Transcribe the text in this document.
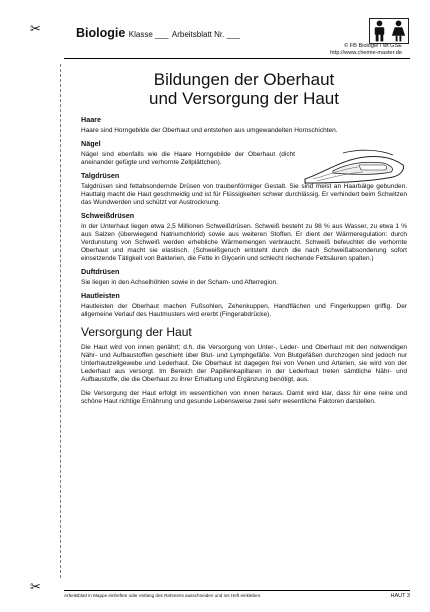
✂	Biologie Klasse ___ Arbeitsblatt Nr. ___
© FB Biologie / wt GSE
http://www.chemie-master.de
Bildungen der Oberhaut
und Versorgung der Haut
Haare

Haare sind Horngebilde der Oberhaut und entstehen aus umgewandelten Hornschichten.

Nägel

Nägel sind ebenfalls wie die Haare Horngebilde der Oberhaut (dicht aneinander gefügte und verhornte Zellplättchen).

Talgdrüsen

Talgdrüsen sind fettabsondernde Drüsen von traubenförmiger Gestalt. Sie sind meist an Haarbälge gebunden. Hauttalg macht die Haut geschmeidig und ist für Flüssigkeiten schwer durchlässig. Er verhindert beim Schwitzen das Wundwerden und schützt vor Austrocknung.

Schweißdrüsen

In der Unterhaut liegen etwa 2,5 Millionen Schweißdrüsen. Schweiß besteht zu 98 % aus Wasser, zu etwa 1 % aus Salzen (überwiegend Natriumchlorid) sowie aus weiteren Stoffen. Er dient der Wärmeregulation: durch Verdunstung von Schweiß werden erhebliche Wärmemengen verbraucht. Schweiß befeuchtet die verhornte Oberhaut und macht sie elastisch. (Schweißgeruch entsteht durch die nach Schweißabsonderung sofort einsetzende Tätigkeit von Bakterien, die Fette in Glycerin und schlecht riechende Fettsäuren spalten.)

Duftdrüsen

Sie liegen in den Achselhöhlen sowie in der Scham- und Afterregion.

Hautleisten

Hautleisten der Oberhaut machen Fußsohlen, Zehenkuppen, Handflächen und Fingerkuppen griffig. Der allgemeine Verlauf des Hautmusters wird ererbt (Fingerabdrücke).

Versorgung der Haut

Die Haut wird von innen genährt; d.h. die Versorgung von Unter-, Leder- und Oberhaut mit den notwendigen Nähr- und Aufbaustoffen geschieht über Blut- und Lymphgefäße. Von Blutgefäßen durchzogen sind jedoch nur Unterhautzellgewebe und Lederhaut. Die Oberhaut ist dagegen frei von Venen und Arterien, sie wird von der Lederhaut aus versorgt. Im Bereich der Papillenkapillaren in der Lederhaut treten sämtliche Nähr- und Aufbaustoffe, die die Oberhaut zu ihrer Erhaltung und Ergänzung benötigt, aus.

Die Versorgung der Haut erfolgt im wesentlichen von innen heraus. Damit wird klar, dass für eine reine und schöne Haut richtige Ernährung und gesunde Lebensweise zwei sehr wesentliche Faktoren darstellen.

✂
Arbeitsblatt in Mappe einheften oder entlang des Rahmens ausschneiden und ins Heft einkleben.	HAUT 3
